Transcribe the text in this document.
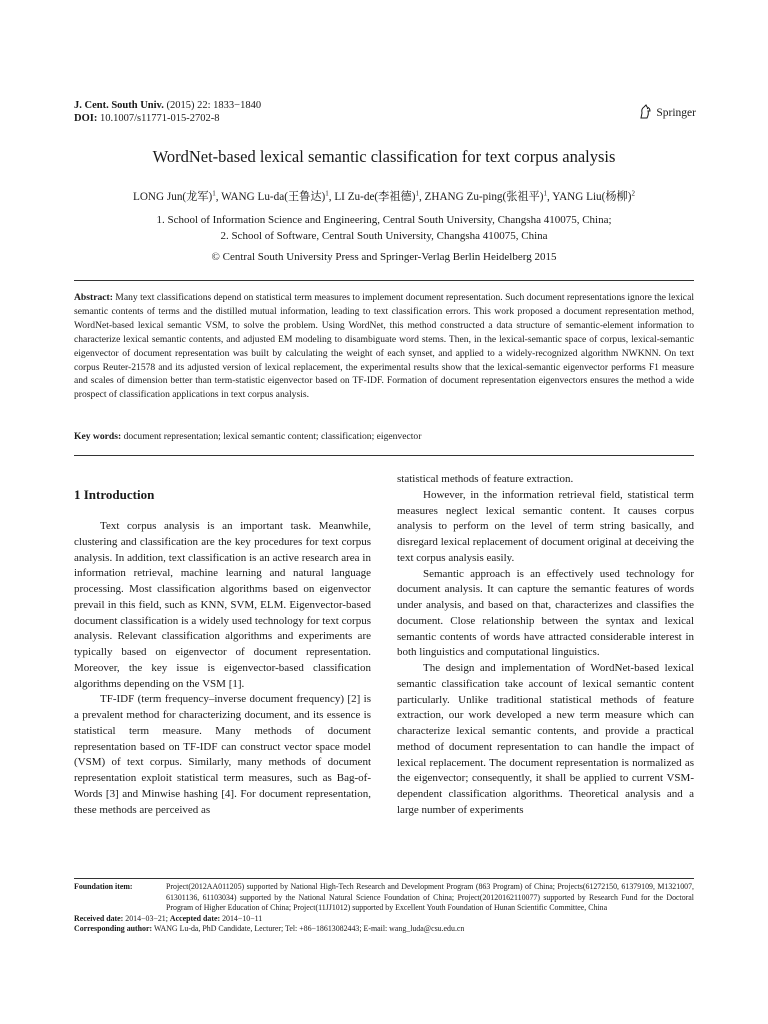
J. Cent. South Univ. (2015) 22: 1833−1840
DOI: 10.1007/s11771-015-2702-8	Springer
WordNet-based lexical semantic classification for text corpus analysis
LONG Jun(龙军)$^1$, WANG Lu-da(王鲁达)$^1$, LI Zu-de(李祖德)$^1$, ZHANG Zu-ping(张祖平)$^1$, YANG Liu(杨柳)$^2$
1. School of Information Science and Engineering, Central South University, Changsha 410075, China;
2. School of Software, Central South University, Changsha 410075, China
© Central South University Press and Springer-Verlag Berlin Heidelberg 2015
Abstract: Many text classifications depend on statistical term measures to implement document representation. Such document representations ignore the lexical semantic contents of terms and the distilled mutual information, leading to text classification errors. This work proposed a document representation method, WordNet-based lexical semantic VSM, to solve the problem. Using WordNet, this method constructed a data structure of semantic-element information to characterize lexical semantic contents, and adjusted EM modeling to disambiguate word stems. Then, in the lexical-semantic space of corpus, lexical-semantic eigenvector of document representation was built by calculating the weight of each synset, and applied to a widely-recognized algorithm NWKNN. On text corpus Reuter-21578 and its adjusted version of lexical replacement, the experimental results show that the lexical-semantic eigenvector performs F1 measure and scales of dimension better than term-statistic eigenvector based on TF-IDF. Formation of document representation eigenvectors ensures the method a wide prospect of classification applications in text corpus analysis.
Key words: document representation; lexical semantic content; classification; eigenvector
1 Introduction

Text corpus analysis is an important task. Meanwhile, clustering and classification are the key procedures for text corpus analysis. In addition, text classification is an active research area in information retrieval, machine learning and natural language processing. Most classification algorithms based on eigenvector prevail in this field, such as KNN, SVM, ELM. Eigenvector-based document classification is a widely used technology for text corpus analysis. Relevant classification algorithms and experiments are typically based on eigenvector of document representation. Moreover, the key issue is eigenvector-based classification algorithms depending on the VSM [1].

TF-IDF (term frequency–inverse document frequency) [2] is a prevalent method for characterizing document, and its essence is statistical term measure. Many methods of document representation based on TF-IDF can construct vector space model (VSM) of text corpus. Similarly, many methods of document representation exploit statistical term measures, such as Bag-of-Words [3] and Minwise hashing [4]. For document representation, these methods are perceived as

statistical methods of feature extraction.

However, in the information retrieval field, statistical term measures neglect lexical semantic content. It causes corpus analysis to perform on the level of term string basically, and disregard lexical replacement of document original at deceiving the text corpus analysis easily.

Semantic approach is an effectively used technology for document analysis. It can capture the semantic features of words under analysis, and based on that, characterizes and classifies the document. Close relationship between the syntax and lexical semantic contents of words have attracted considerable interest in both linguistics and computational linguistics.

The design and implementation of WordNet-based lexical semantic classification take account of lexical semantic content particularly. Unlike traditional statistical methods of feature extraction, our work developed a new term measure which can characterize lexical semantic contents, and provide a practical method of document representation to can handle the impact of lexical replacement. The document representation is normalized as the eigenvector; consequently, it shall be applied to current VSM-dependent classification algorithms. Theoretical analysis and a large number of experiments

Foundation item:	Project(2012AA011205) supported by National High-Tech Research and Development Program (863 Program) of China; Projects(61272150, 61379109, M1321007, 61301136, 61103034) supported by the National Natural Science Foundation of China; Project(20120162110077) supported by Research Fund for the Doctoral Program of Higher Education of China; Project(11JJ1012) supported by Excellent Youth Foundation of Hunan Scientific Committee, China
Received date: 2014−03−21; Accepted date: 2014−10−11
Corresponding author: WANG Lu-da, PhD Candidate, Lecturer; Tel: +86−18613082443; E-mail: wang_luda@csu.edu.cn
